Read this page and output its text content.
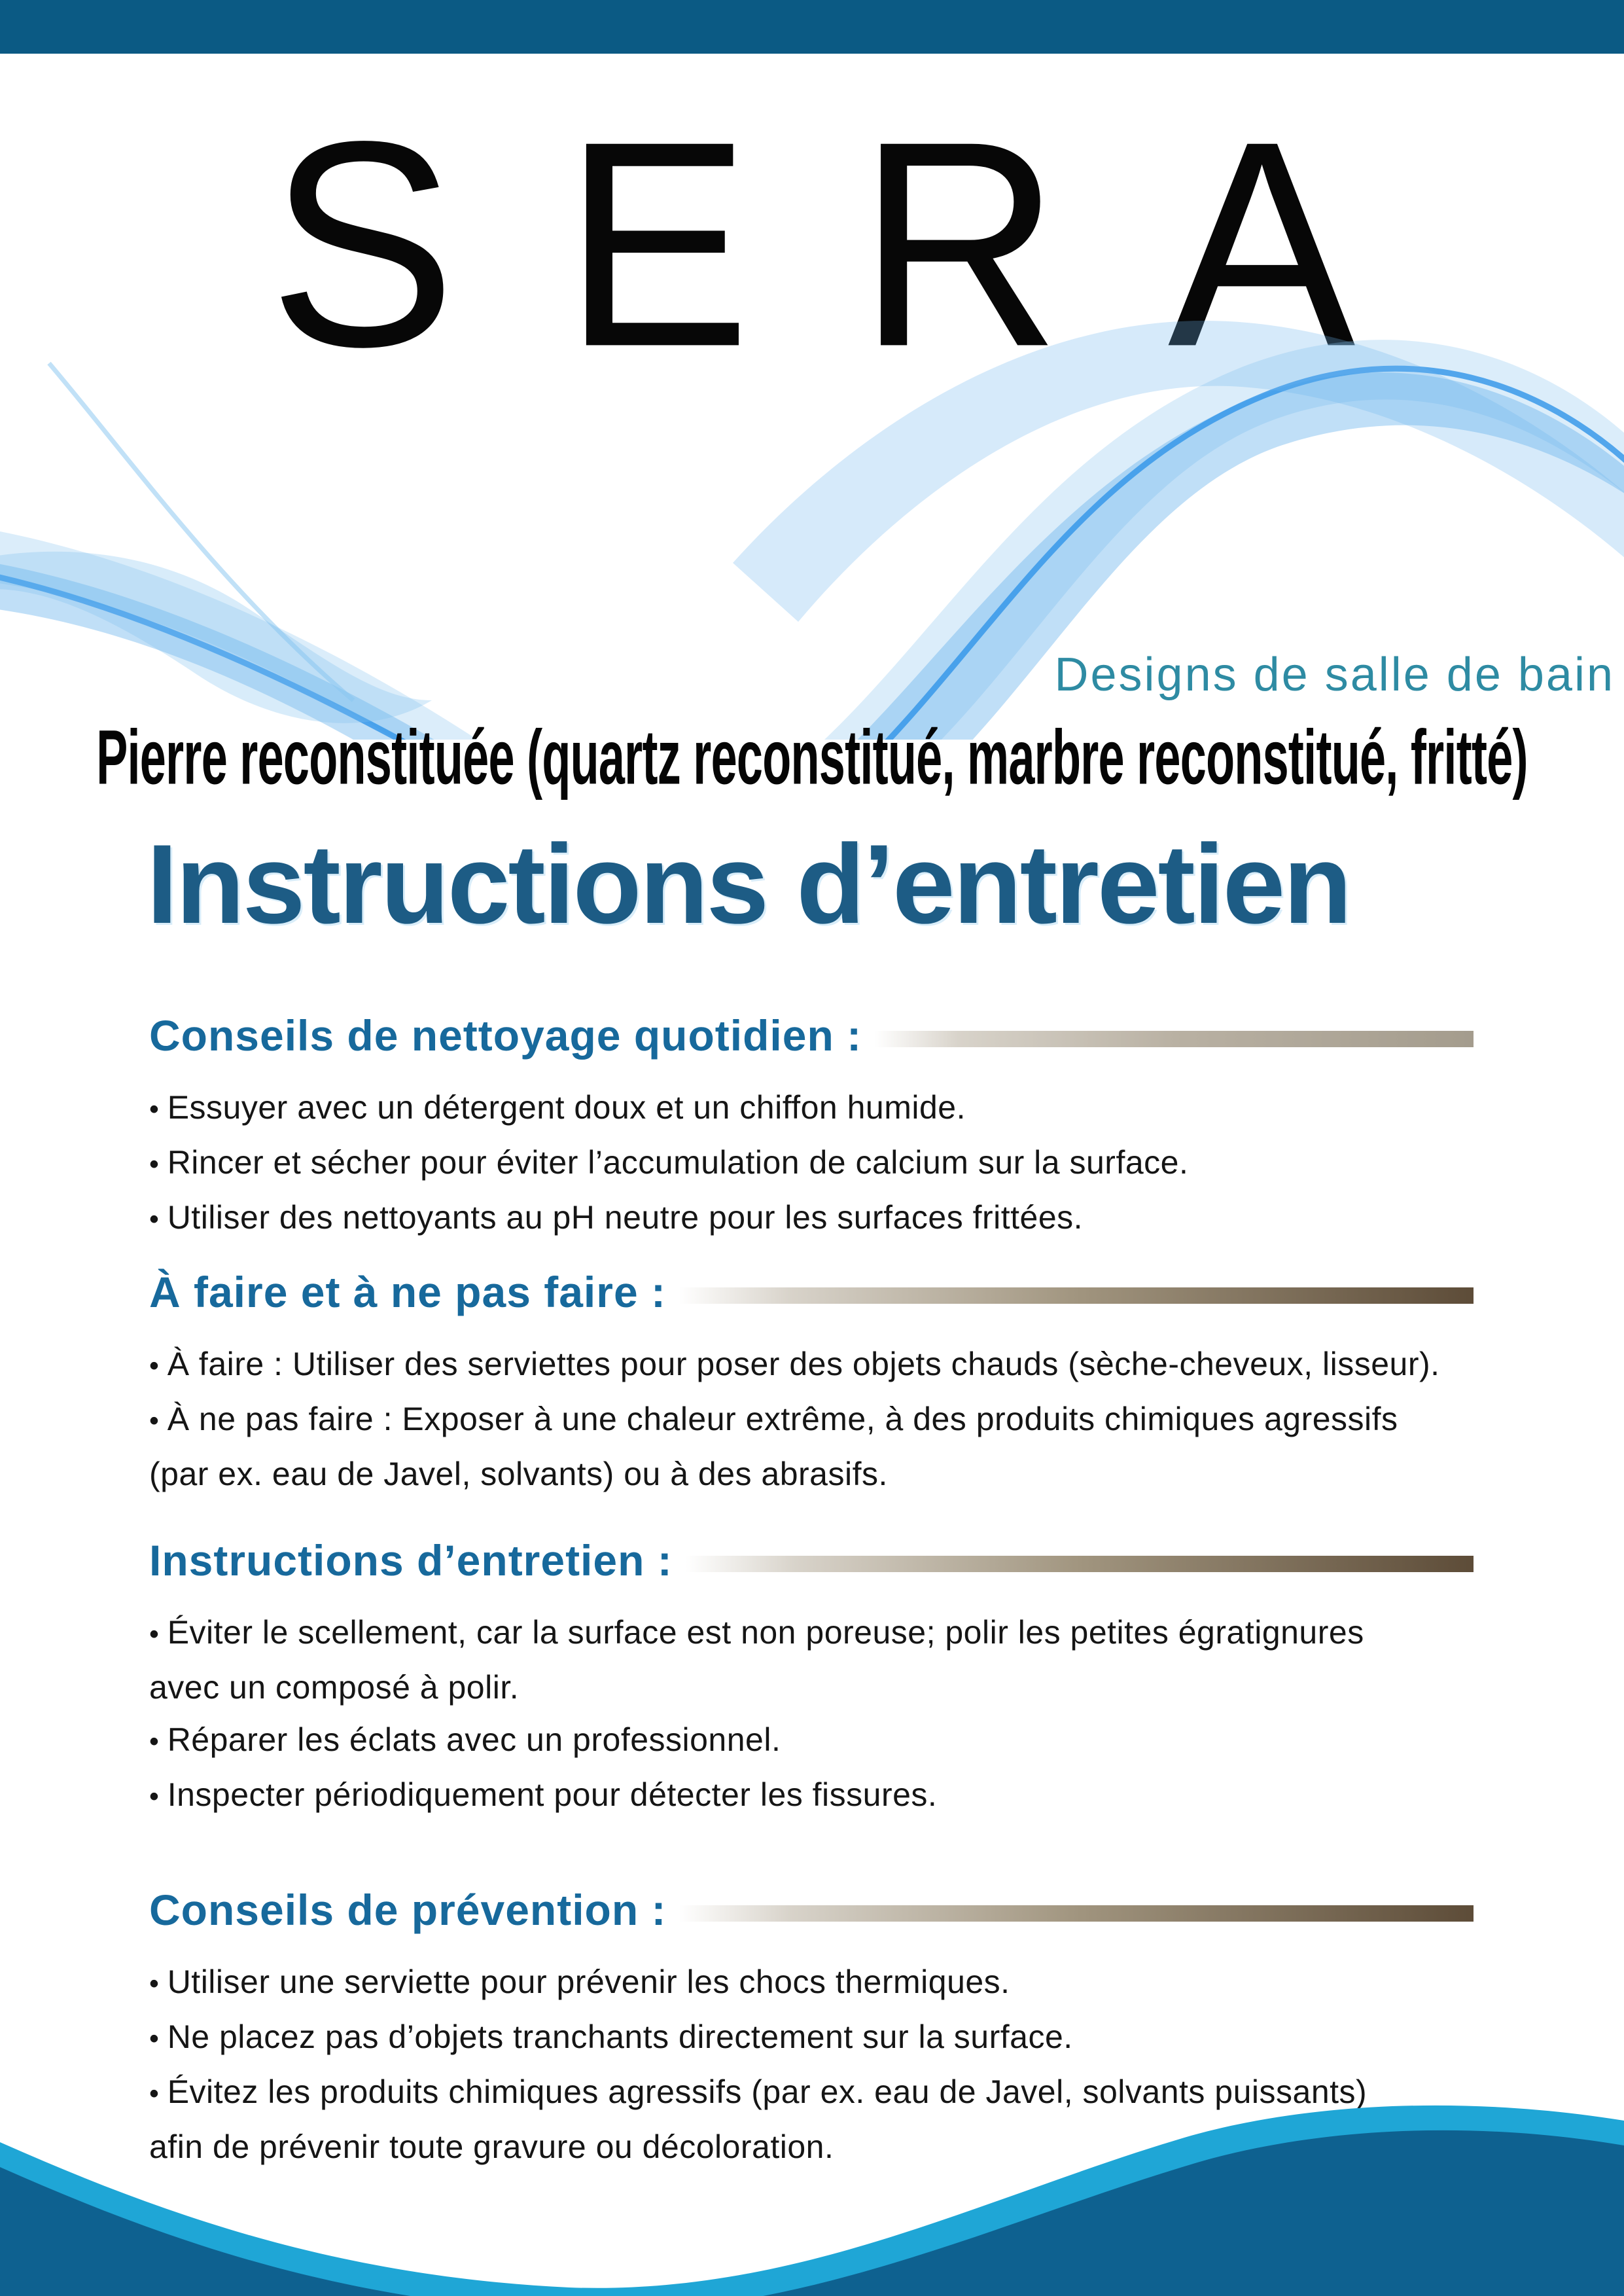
SERA
Designs de salle de bain
Pierre reconstituée (quartz reconstitué, marbre reconstitué, fritté)
Instructions d’entretien
Conseils de nettoyage quotidien :
• Essuyer avec un détergent doux et un chiffon humide.
• Rincer et sécher pour éviter l’accumulation de calcium sur la surface.
• Utiliser des nettoyants au pH neutre pour les surfaces frittées.
À faire et à ne pas faire :
• À faire : Utiliser des serviettes pour poser des objets chauds (sèche-cheveux, lisseur).
• À ne pas faire : Exposer à une chaleur extrême, à des produits chimiques agressifs
(par ex. eau de Javel, solvants) ou à des abrasifs.
Instructions d’entretien :
• Éviter le scellement, car la surface est non poreuse; polir les petites égratignures
avec un composé à polir.
• Réparer les éclats avec un professionnel.
• Inspecter périodiquement pour détecter les fissures.
Conseils de prévention :
• Utiliser une serviette pour prévenir les chocs thermiques.
• Ne placez pas d’objets tranchants directement sur la surface.
• Évitez les produits chimiques agressifs (par ex. eau de Javel, solvants puissants)
afin de prévenir toute gravure ou décoloration.
